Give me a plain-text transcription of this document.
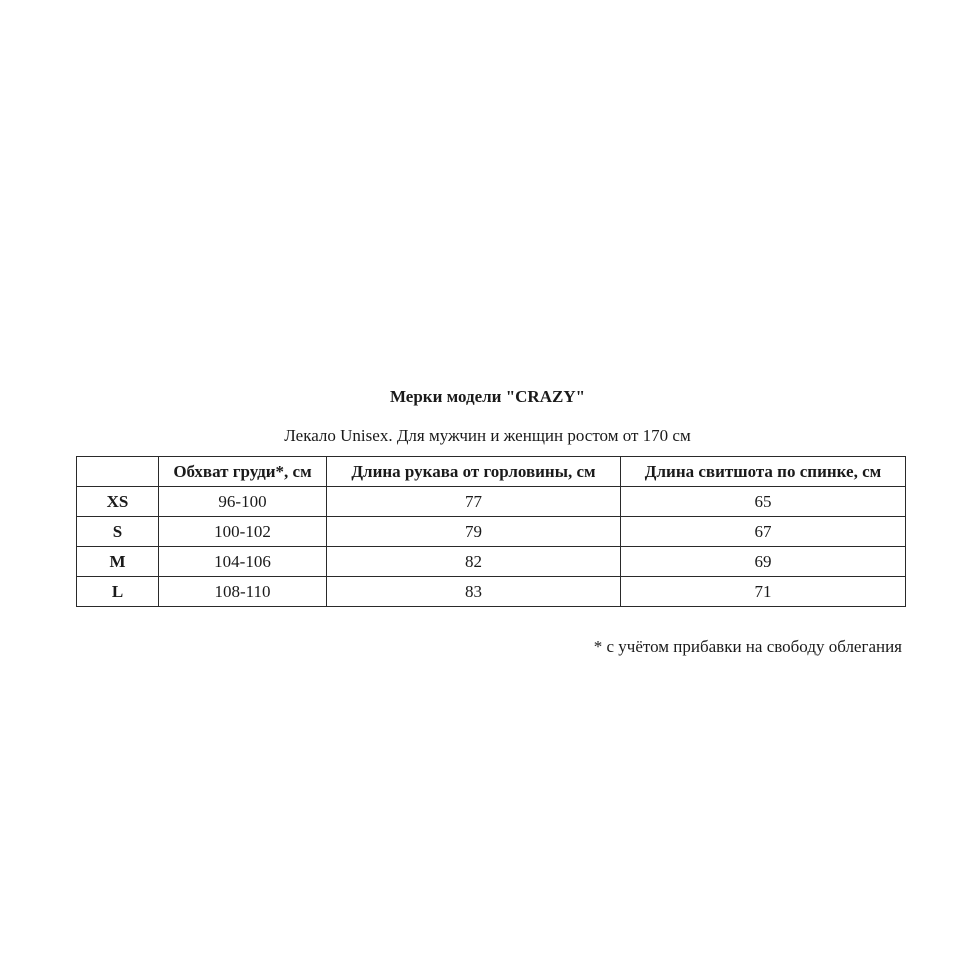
Мерки модели "CRAZY"
Лекало Unisex. Для мужчин и женщин ростом от 170 см
	Обхват груди*, см	Длина рукава от горловины, см	Длина свитшота по спинке, см
XS	96-100	77	65
S	100-102	79	67
M	104-106	82	69
L	108-110	83	71
* с учётом прибавки на свободу облегания
